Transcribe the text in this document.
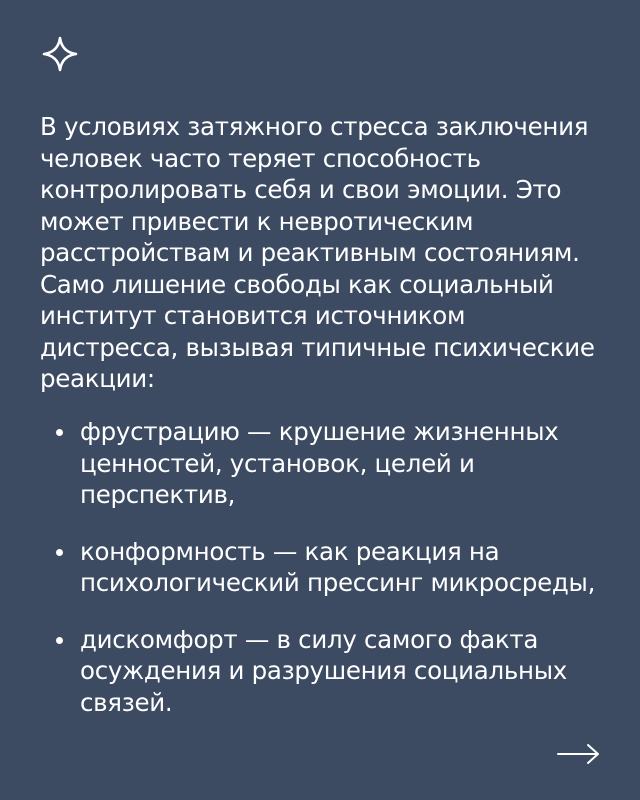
В условиях затяжного стресса заключения человек часто теряет способность контролировать себя и свои эмоции. Это может привести к невротическим расстройствам и реактивным состояниям. Само лишение свободы как социальный институт становится источником дистресса, вызывая типичные психические реакции:

фрустрацию — крушение жизненных ценностей, установок, целей и перспектив,
конформность — как реакция на психологический прессинг микросреды,
дискомфорт — в силу самого факта осуждения и разрушения социальных связей.
